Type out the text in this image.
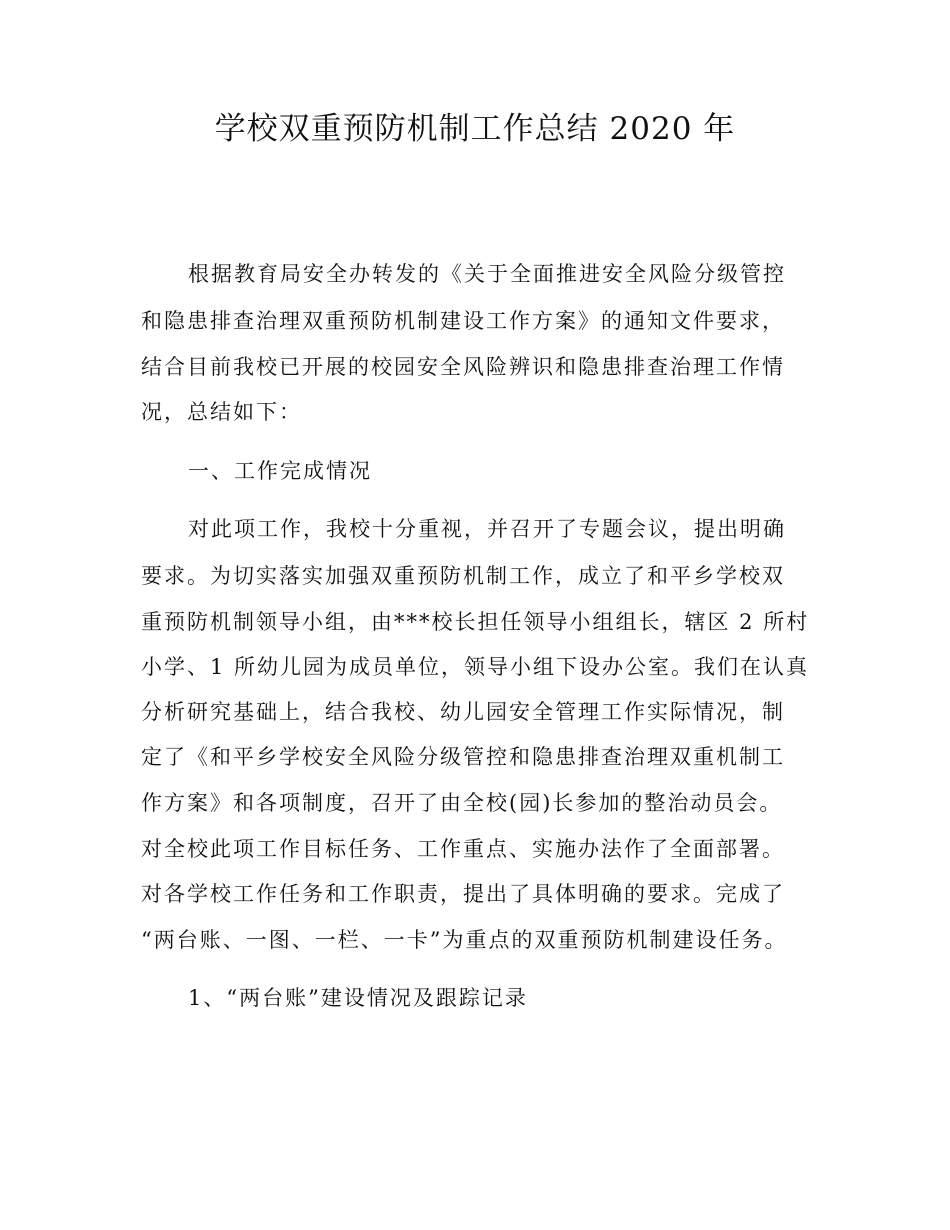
学校双重预防机制工作总结 2020 年
根据教育局安全办转发的《关于全面推进安全风险分级管控
和隐患排查治理双重预防机制建设工作方案》的通知文件要求，
结合目前我校已开展的校园安全风险辨识和隐患排查治理工作情
况，总结如下：
一、工作完成情况
对此项工作，我校十分重视，并召开了专题会议，提出明确
要求。为切实落实加强双重预防机制工作，成立了和平乡学校双
重预防机制领导小组，由***校长担任领导小组组长，辖区 2 所村
小学、1 所幼儿园为成员单位，领导小组下设办公室。我们在认真
分析研究基础上，结合我校、幼儿园安全管理工作实际情况，制
定了《和平乡学校安全风险分级管控和隐患排查治理双重机制工
作方案》和各项制度，召开了由全校(园)长参加的整治动员会。
对全校此项工作目标任务、工作重点、实施办法作了全面部署。
对各学校工作任务和工作职责，提出了具体明确的要求。完成了
“两台账、一图、一栏、一卡”为重点的双重预防机制建设任务。
1、“两台账”建设情况及跟踪记录
